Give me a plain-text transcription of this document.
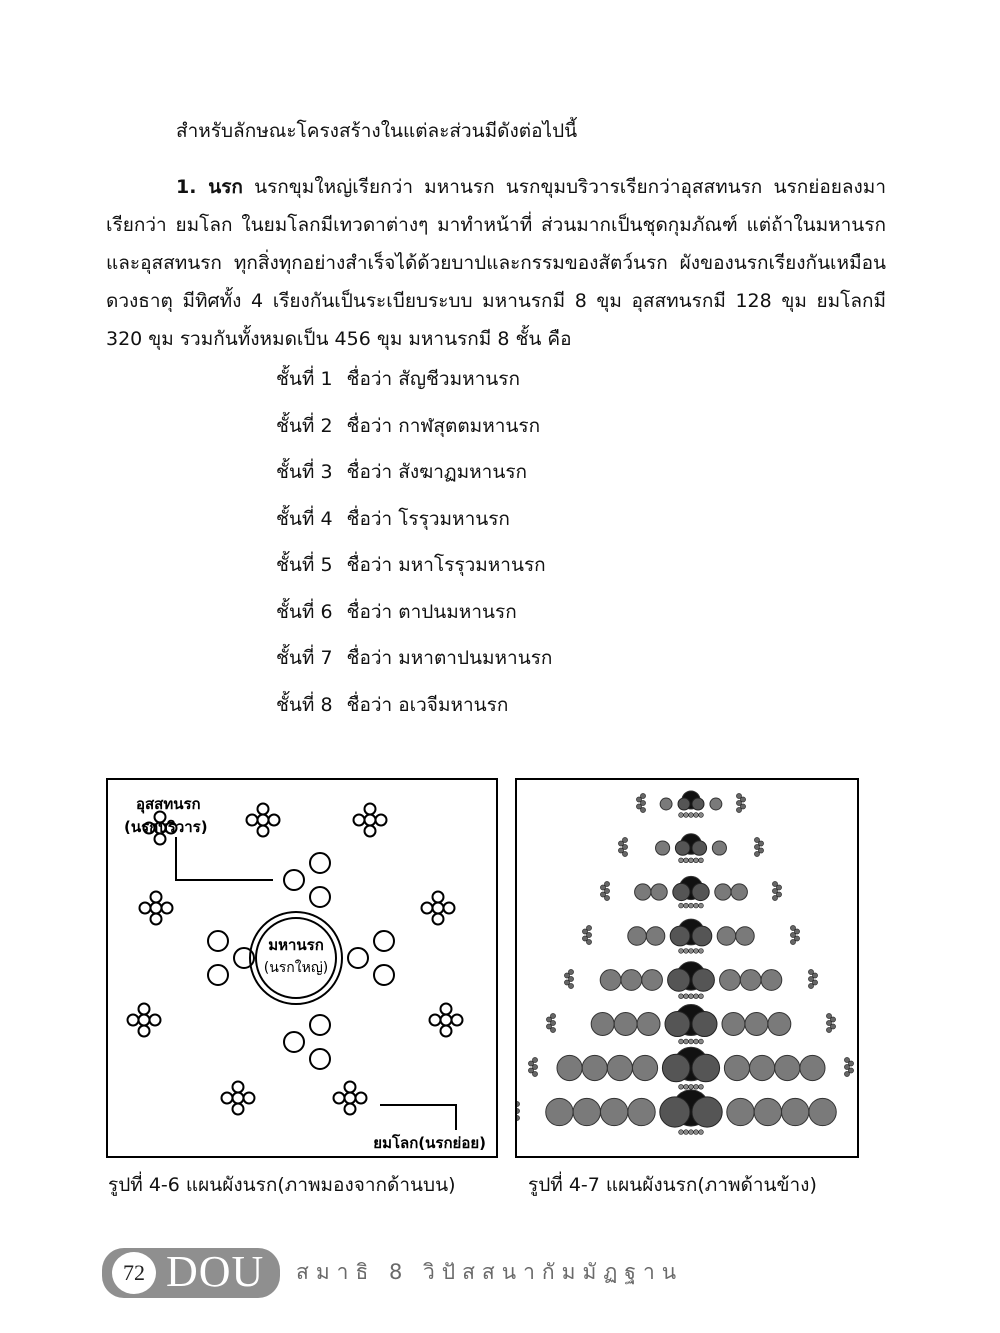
สำหรับลักษณะโครงสร้างในแต่ละส่วนมีดังต่อไปนี้
1. นรก นรกขุมใหญ่เรียกว่า มหานรก นรกขุมบริวารเรียกว่าอุสสทนรก นรกย่อยลงมา เรียกว่า ยมโลก ในยมโลกมีเทวดาต่างๆ มาทำหน้าที่ ส่วนมากเป็นชุดกุมภัณฑ์ แต่ถ้าในมหานรกและอุสสทนรก ทุกสิ่งทุกอย่างสำเร็จได้ด้วยบาปและกรรมของสัตว์นรก ผังของนรกเรียงกันเหมือนดวงธาตุ มีทิศทั้ง 4 เรียงกันเป็นระเบียบระบบ มหานรกมี 8 ขุม อุสสทนรกมี 128 ขุม ยมโลกมี 320 ขุม รวมกันทั้งหมดเป็น 456 ขุม มหานรกมี 8 ชั้น คือ
ชั้นที่ 1 ชื่อว่า สัญชีวมหานรก
ชั้นที่ 2 ชื่อว่า กาฬสุตตมหานรก
ชั้นที่ 3 ชื่อว่า สังฆาฏมหานรก
ชั้นที่ 4 ชื่อว่า โรรุวมหานรก
ชั้นที่ 5 ชื่อว่า มหาโรรุวมหานรก
ชั้นที่ 6 ชื่อว่า ตาปนมหานรก
ชั้นที่ 7 ชื่อว่า มหาตาปนมหานรก
ชั้นที่ 8 ชื่อว่า อเวจีมหานรก
มหานรก
(นรกใหญ่)
อุสสทนรก
(นรกบริวาร)
ยมโลก(นรกย่อย)
รูปที่ 4-6 แผนผังนรก(ภาพมองจากด้านบน)	รูปที่ 4-7 แผนผังนรก(ภาพด้านข้าง)
72 DOU สมาธิ 8 วิปัสสนากัมมัฏฐาน
